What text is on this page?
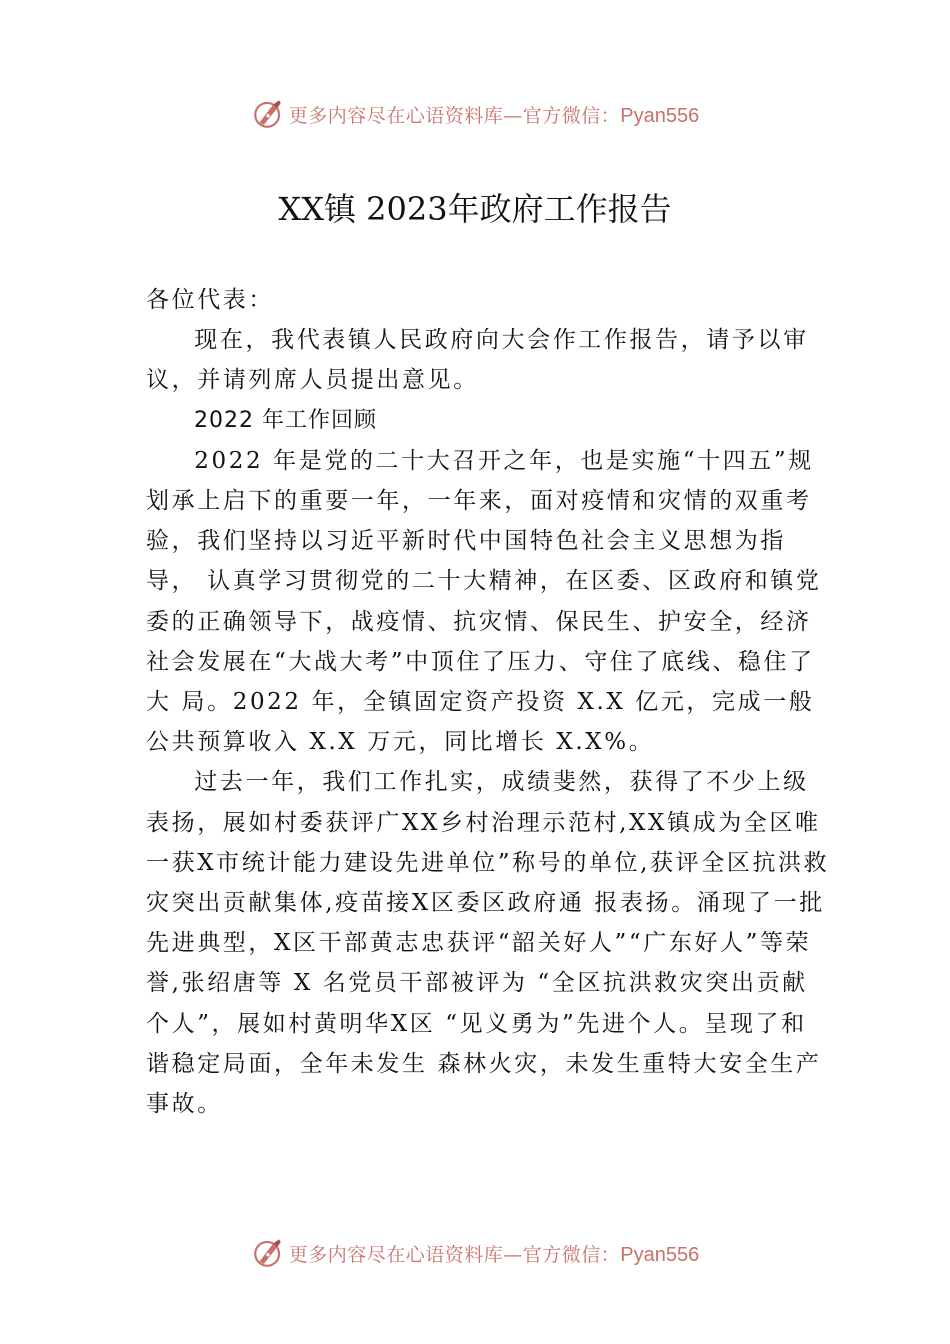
更多内容尽在心语资料库—官方微信：Pyan556
XX镇 2023年政府工作报告

各位代表：

现在，我代表镇人民政府向大会作工作报告，请予以审议，并请列席人员提出意见。

2022 年工作回顾

2022 年是党的二十大召开之年，也是实施“十四五”规划承上启下的重要一年，一年来，面对疫情和灾情的双重考 验，我们坚持以习近平新时代中国特色社会主义思想为指导， 认真学习贯彻党的二十大精神，在区委、区政府和镇党委的正确领导下，战疫情、抗灾情、保民生、护安全，经济社会发展在“大战大考”中顶住了压力、守住了底线、稳住了大 局。2022 年，全镇固定资产投资 X.X 亿元，完成一般公共预算收入 X.X 万元，同比增长 X.X%。

过去一年，我们工作扎实，成绩斐然，获得了不少上级表扬，展如村委获评广XX乡村治理示范村,XX镇成为全区唯一获X市统计能力建设先进单位”称号的单位,获评全区抗洪救灾突出贡献集体,疫苗接X区委区政府通 报表扬。涌现了一批先进典型，X区干部黄志忠获评“韶关好人”“广东好人”等荣誉,张绍唐等 X 名党员干部被评为 “全区抗洪救灾突出贡献个人”，展如村黄明华X区 “见义勇为”先进个人。呈现了和谐稳定局面，全年未发生 森林火灾，未发生重特大安全生产事故。

更多内容尽在心语资料库—官方微信：Pyan556
